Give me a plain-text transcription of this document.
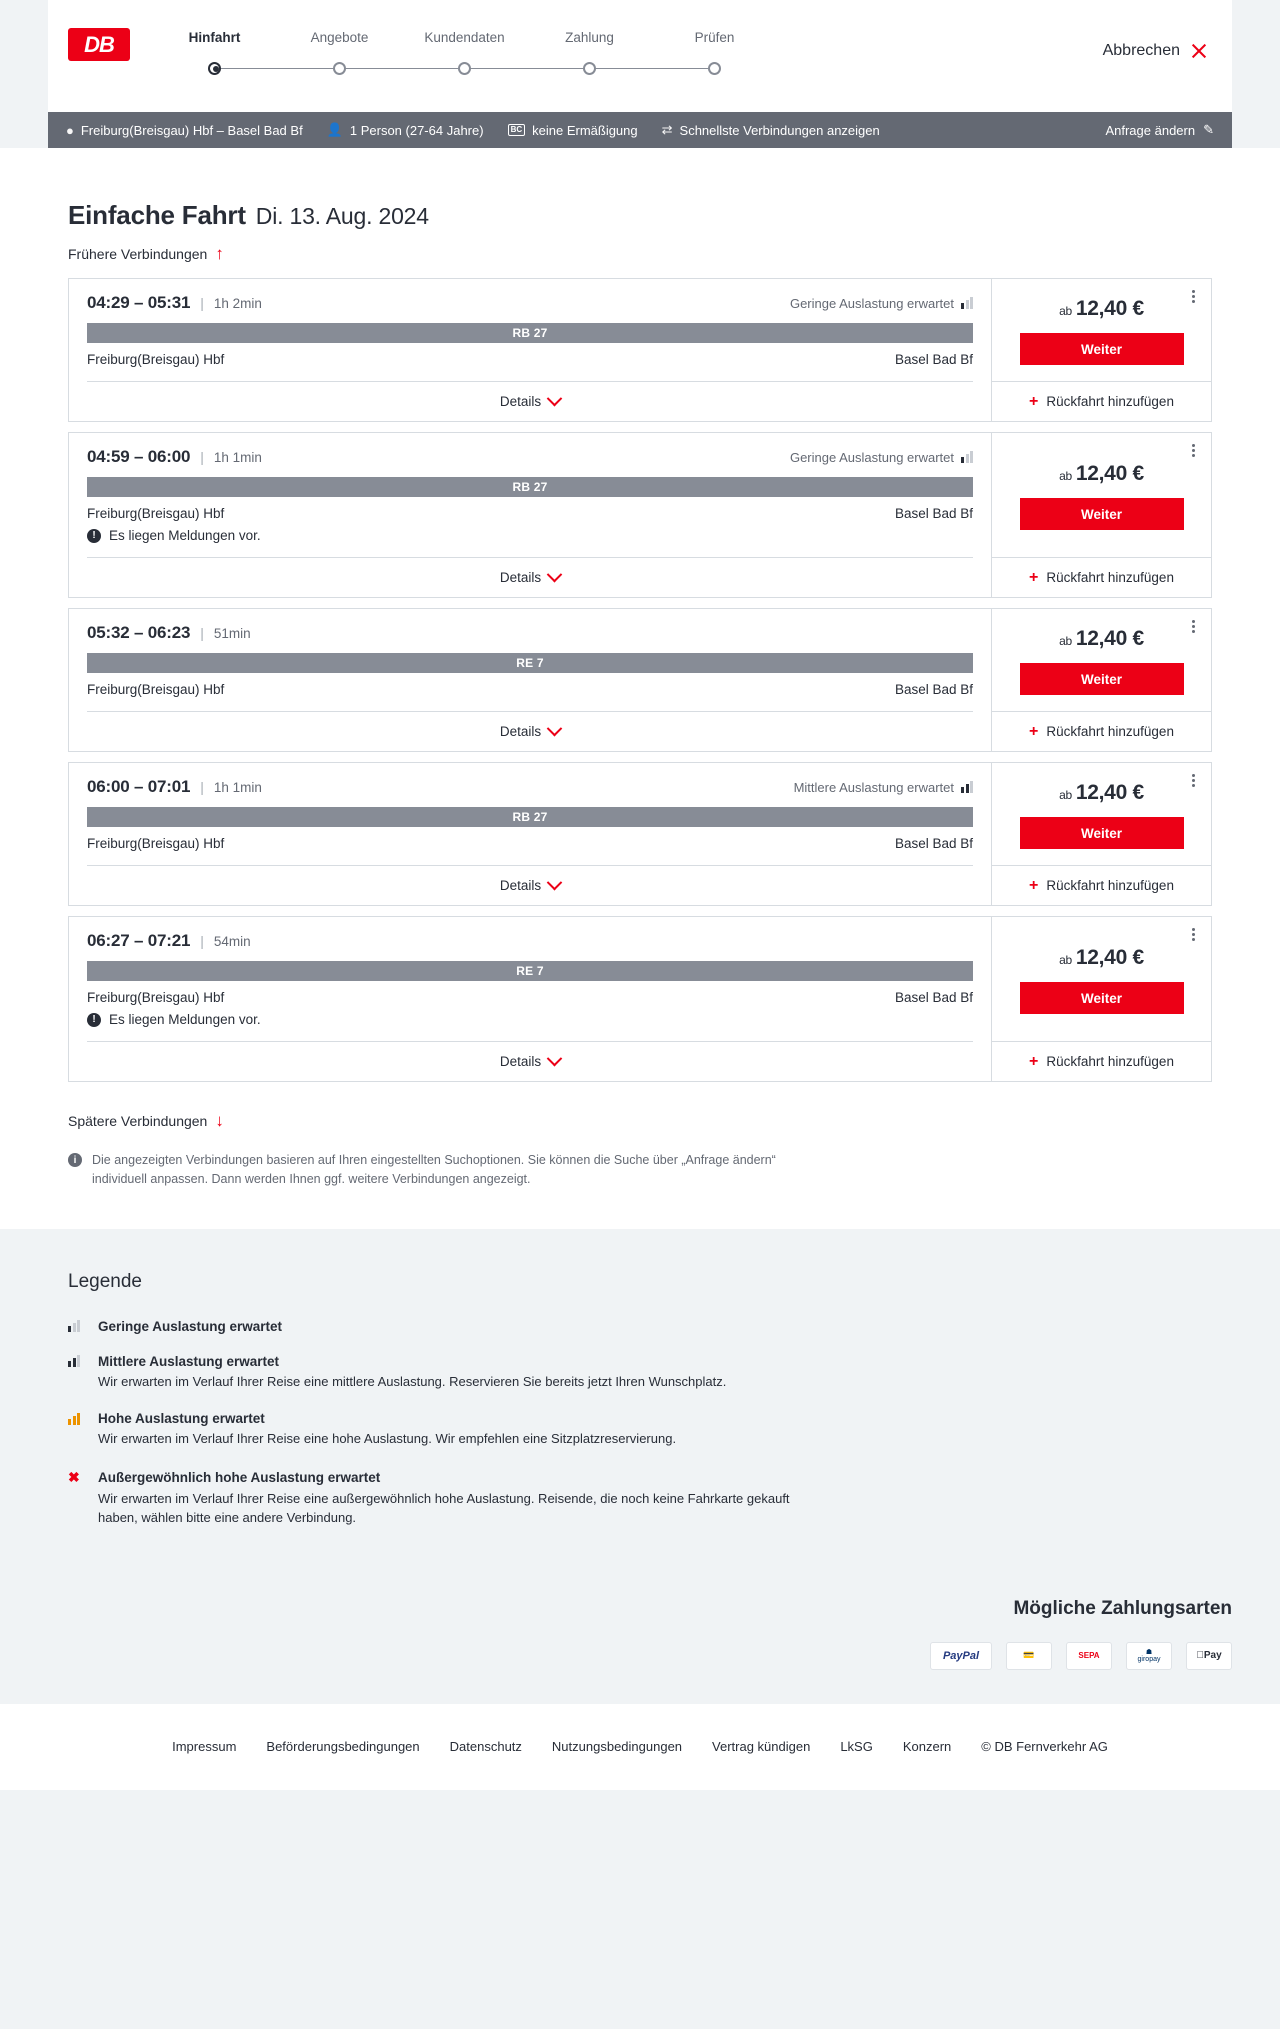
DB	Hinfahrt	Angebote	Kundendaten	Zahlung	Prüfen
Abbrechen
● Freiburg(Breisgau) Hbf – Basel Bad Bf 👤 1 Person (27-64 Jahre)	BC keine Ermäßigung ⇄ Schnellste Verbindungen anzeigen	Anfrage ändern ✎
Einfache Fahrt Di. 13. Aug. 2024
Frühere Verbindungen ↑
04:29 – 05:31 | 1h 2min	Geringe Auslastung erwartet
RB 27
Freiburg(Breisgau) Hbf	Basel Bad Bf
Details
ab 12,40 €
Weiter
+ Rückfahrt hinzufügen
04:59 – 06:00 | 1h 1min	Geringe Auslastung erwartet
RB 27
Freiburg(Breisgau) Hbf	Basel Bad Bf
! Es liegen Meldungen vor.
Details
ab 12,40 €
Weiter
+ Rückfahrt hinzufügen
05:32 – 06:23 | 51min
RE 7
Freiburg(Breisgau) Hbf	Basel Bad Bf
Details
ab 12,40 €
Weiter
+ Rückfahrt hinzufügen
06:00 – 07:01 | 1h 1min	Mittlere Auslastung erwartet
RB 27
Freiburg(Breisgau) Hbf	Basel Bad Bf
Details
ab 12,40 €
Weiter
+ Rückfahrt hinzufügen
06:27 – 07:21 | 54min
RE 7
Freiburg(Breisgau) Hbf	Basel Bad Bf
! Es liegen Meldungen vor.
Details
ab 12,40 €
Weiter
+ Rückfahrt hinzufügen
Spätere Verbindungen ↓
i	Die angezeigten Verbindungen basieren auf Ihren eingestellten Suchoptionen. Sie können die Suche über „Anfrage ändern“ individuell anpassen. Dann werden Ihnen ggf. weitere Verbindungen angezeigt.
Legende
Geringe Auslastung erwartet
Mittlere Auslastung erwartet
Wir erwarten im Verlauf Ihrer Reise eine mittlere Auslastung. Reservieren Sie bereits jetzt Ihren Wunschplatz.
Hohe Auslastung erwartet
Wir erwarten im Verlauf Ihrer Reise eine hohe Auslastung. Wir empfehlen eine Sitzplatzreservierung.
✖	Außergewöhnlich hohe Auslastung erwartet
Wir erwarten im Verlauf Ihrer Reise eine außergewöhnlich hohe Auslastung. Reisende, die noch keine Fahrkarte gekauft haben, wählen bitte eine andere Verbindung.
Mögliche Zahlungsarten
PayPal	💳	SEPA	☗
giropay	Pay
Impressum Beförderungsbedingungen Datenschutz Nutzungsbedingungen Vertrag kündigen LkSG Konzern © DB Fernverkehr AG
